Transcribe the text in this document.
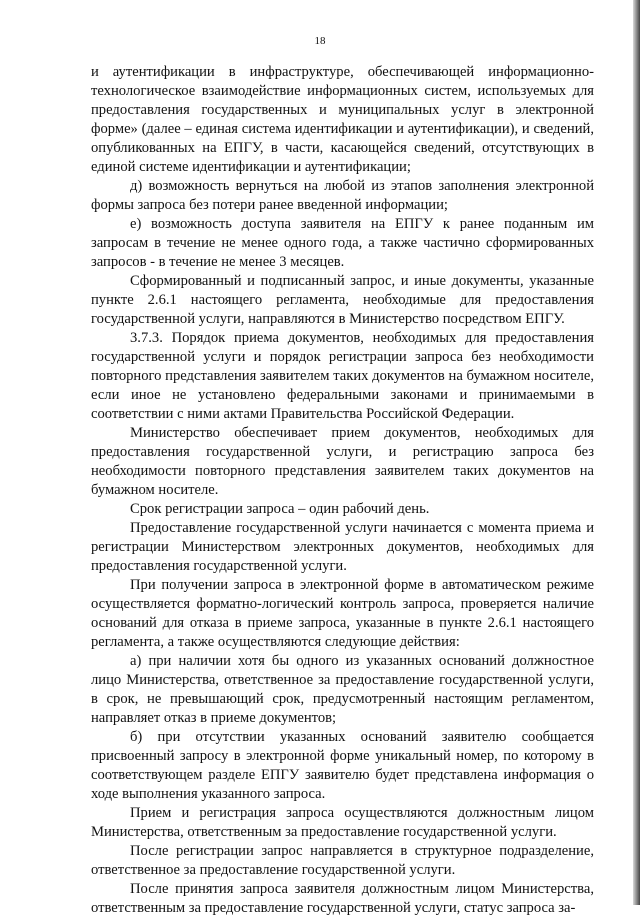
18

и аутентификации в инфраструктуре, обеспечивающей информационно-технологическое взаимодействие информационных систем, используемых для предоставления государственных и муниципальных услуг в электронной форме» (далее – единая система идентификации и аутентификации), и сведений, опубликованных на ЕПГУ, в части, касающейся сведений, отсутствующих в единой системе идентификации и аутентификации;

д) возможность вернуться на любой из этапов заполнения электронной формы запроса без потери ранее введенной информации;

е) возможность доступа заявителя на ЕПГУ к ранее поданным им запросам в течение не менее одного года, а также частично сформированных запросов - в течение не менее 3 месяцев.

Сформированный и подписанный запрос, и иные документы, указанные пункте 2.6.1 настоящего регламента, необходимые для предоставления государственной услуги, направляются в Министерство посредством ЕПГУ.

3.7.3. Порядок приема документов, необходимых для предоставления государственной услуги и порядок регистрации запроса без необходимости повторного представления заявителем таких документов на бумажном носителе, если иное не установлено федеральными законами и принимаемыми в соответствии с ними актами Правительства Российской Федерации.

Министерство обеспечивает прием документов, необходимых для предоставления государственной услуги, и регистрацию запроса без необходимости повторного представления заявителем таких документов на бумажном носителе.

Срок регистрации запроса – один рабочий день.

Предоставление государственной услуги начинается с момента приема и регистрации Министерством электронных документов, необходимых для предоставления государственной услуги.

При получении запроса в электронной форме в автоматическом режиме осуществляется форматно-логический контроль запроса, проверяется наличие оснований для отказа в приеме запроса, указанные в пункте 2.6.1 настоящего регламента, а также осуществляются следующие действия:

а) при наличии хотя бы одного из указанных оснований должностное лицо Министерства, ответственное за предоставление государственной услуги, в срок, не превышающий срок, предусмотренный настоящим регламентом, направляет отказ в приеме документов;

б) при отсутствии указанных оснований заявителю сообщается присвоенный запросу в электронной форме уникальный номер, по которому в соответствующем разделе ЕПГУ заявителю будет представлена информация о ходе выполнения указанного запроса.

Прием и регистрация запроса осуществляются должностным лицом Министерства, ответственным за предоставление государственной услуги.

После регистрации запрос направляется в структурное подразделение, ответственное за предоставление государственной услуги.

После принятия запроса заявителя должностным лицом Министерства, ответственным за предоставление государственной услуги, статус запроса за-
